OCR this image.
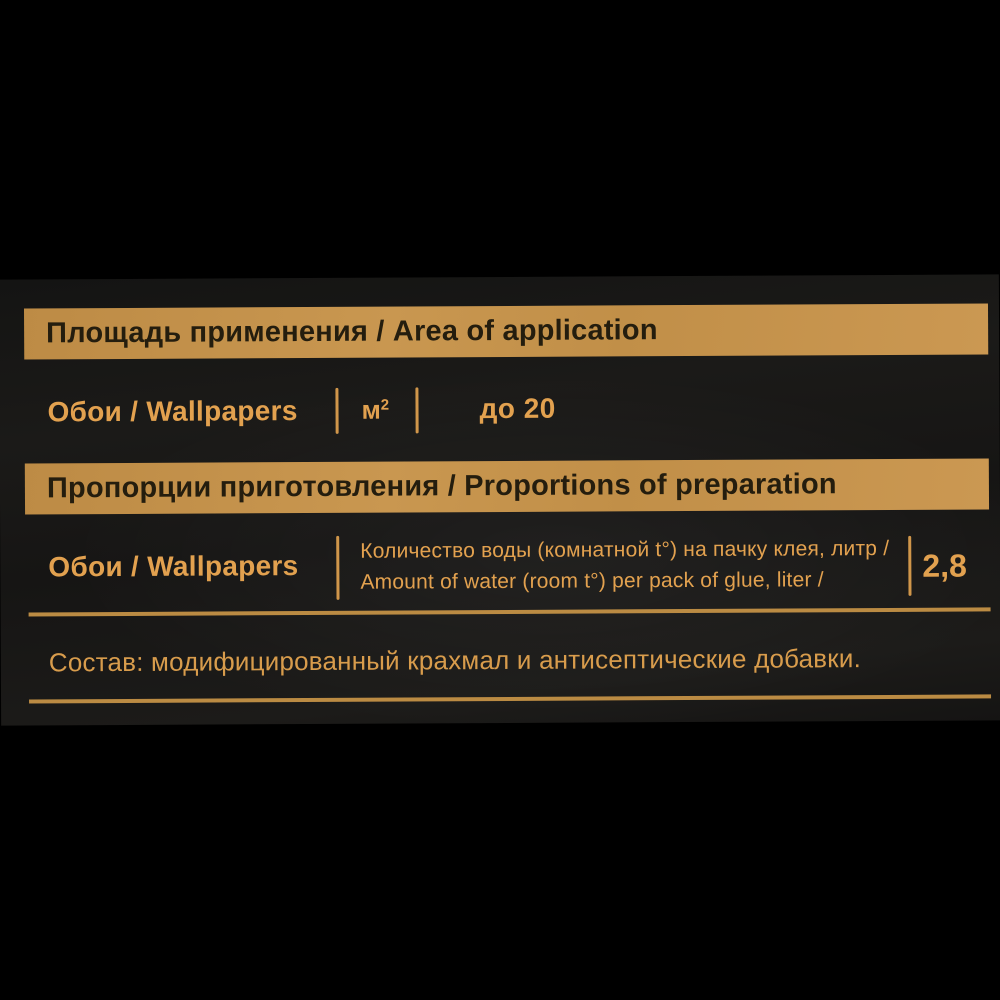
Площадь применения / Area of application
Обои / Wallpapers $м^2$	до 20
Пропорции приготовления / Proportions of preparation
Обои / Wallpapers
Количество воды (комнатной t°) на пачку клея, литр /
Amount of water (room t°) per pack of glue, liter /	2,8
Состав: модифицированный крахмал и антисептические добавки.
